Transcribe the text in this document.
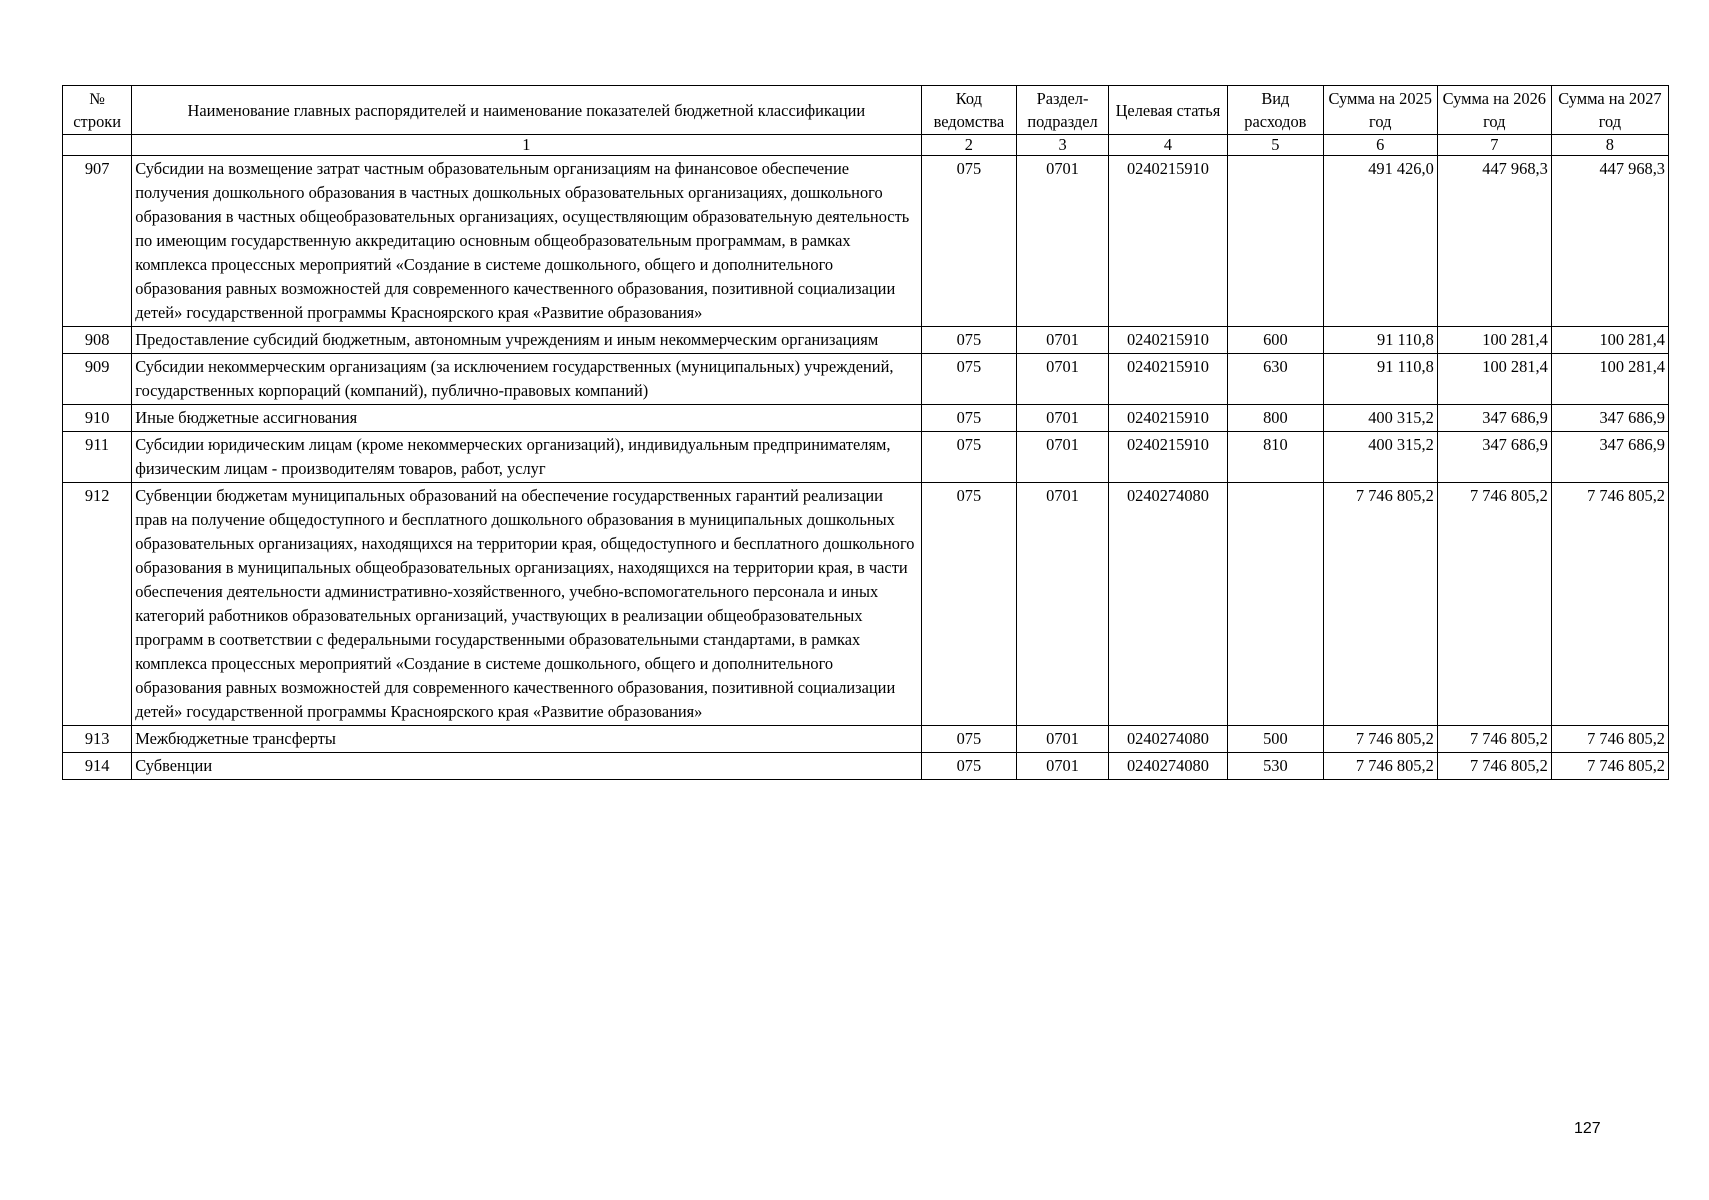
№ строки	Наименование главных распорядителей и наименование показателей бюджетной классификации	Код ведомства	Раздел-подраздел	Целевая статья	Вид расходов	Сумма на 2025 год	Сумма на 2026 год	Сумма на 2027 год
	1	2	3	4	5	6	7	8
907	Субсидии на возмещение затрат частным образовательным организациям на финансовое обеспечение получения дошкольного образования в частных дошкольных образовательных организациях, дошкольного образования в частных общеобразовательных организациях, осуществляющим образовательную деятельность по имеющим государственную аккредитацию основным общеобразовательным программам, в рамках комплекса процессных мероприятий «Создание в системе дошкольного, общего и дополнительного образования равных возможностей для современного качественного образования, позитивной социализации детей» государственной программы Красноярского края «Развитие образования»	075	0701	0240215910		491 426,0	447 968,3	447 968,3
908	Предоставление субсидий бюджетным, автономным учреждениям и иным некоммерческим организациям	075	0701	0240215910	600	91 110,8	100 281,4	100 281,4
909	Субсидии некоммерческим организациям (за исключением государственных (муниципальных) учреждений, государственных корпораций (компаний), публично-правовых компаний)	075	0701	0240215910	630	91 110,8	100 281,4	100 281,4
910	Иные бюджетные ассигнования	075	0701	0240215910	800	400 315,2	347 686,9	347 686,9
911	Субсидии юридическим лицам (кроме некоммерческих организаций), индивидуальным предпринимателям, физическим лицам - производителям товаров, работ, услуг	075	0701	0240215910	810	400 315,2	347 686,9	347 686,9
912	Субвенции бюджетам муниципальных образований на обеспечение государственных гарантий реализации прав на получение общедоступного и бесплатного дошкольного образования в муниципальных дошкольных образовательных организациях, находящихся на территории края, общедоступного и бесплатного дошкольного образования в муниципальных общеобразовательных организациях, находящихся на территории края, в части обеспечения деятельности административно-хозяйственного, учебно-вспомогательного персонала и иных категорий работников образовательных организаций, участвующих в реализации общеобразовательных программ в соответствии с федеральными государственными образовательными стандартами, в рамках комплекса процессных мероприятий «Создание в системе дошкольного, общего и дополнительного образования равных возможностей для современного качественного образования, позитивной социализации детей» государственной программы Красноярского края «Развитие образования»	075	0701	0240274080		7 746 805,2	7 746 805,2	7 746 805,2
913	Межбюджетные трансферты	075	0701	0240274080	500	7 746 805,2	7 746 805,2	7 746 805,2
914	Субвенции	075	0701	0240274080	530	7 746 805,2	7 746 805,2	7 746 805,2
127
